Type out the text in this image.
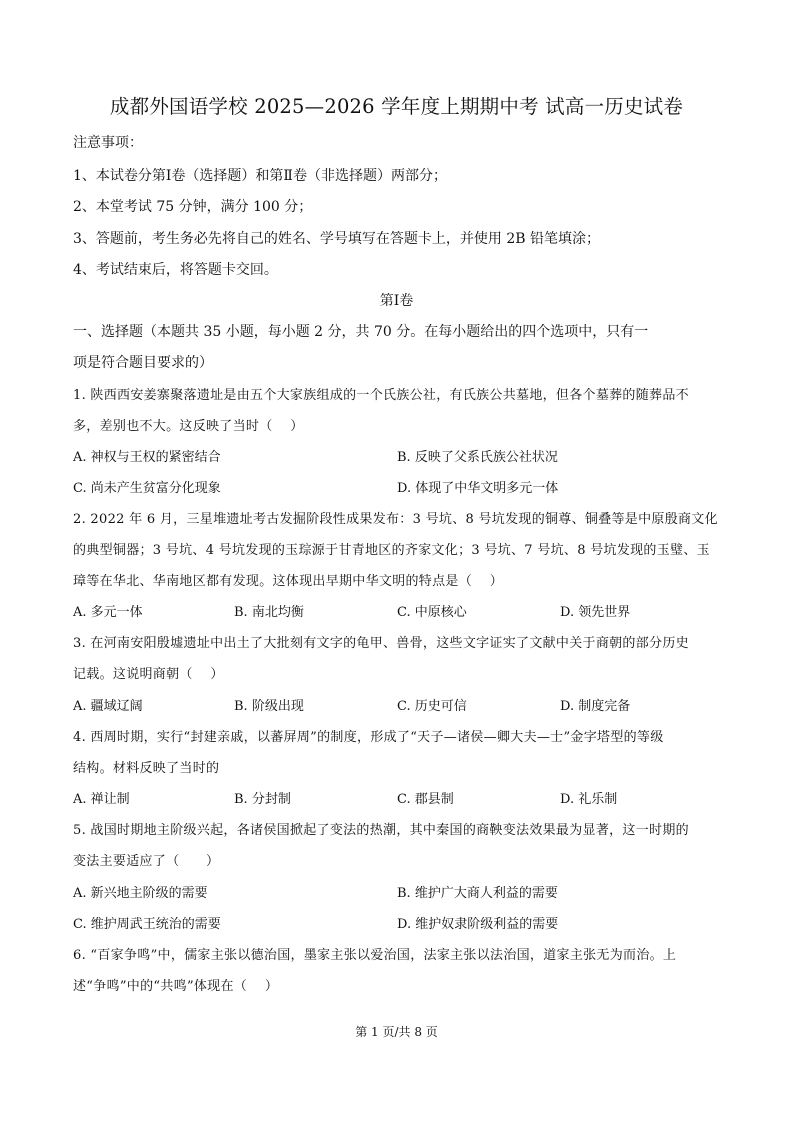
成都外国语学校 2025—2026 学年度上期期中考 试高一历史试卷
注意事项：
1、本试卷分第Ⅰ卷（选择题）和第Ⅱ卷（非选择题）两部分；
2、本堂考试 75 分钟，满分 100 分；
3、答题前，考生务必先将自己的姓名、学号填写在答题卡上，并使用 2B 铅笔填涂；
4、考试结束后，将答题卡交回。
第Ⅰ卷
一、选择题（本题共 35 小题，每小题 2 分，共 70 分。在每小题给出的四个选项中，只有一
项是符合题目要求的）
1. 陕西西安姜寨聚落遗址是由五个大家族组成的一个氏族公社，有氏族公共墓地，但各个墓葬的随葬品不
多，差别也不大。这反映了当时（　 ）
A. 神权与王权的紧密结合	B. 反映了父系氏族公社状况
C. 尚未产生贫富分化现象	D. 体现了中华文明多元一体
2. 2022 年 6 月，三星堆遗址考古发掘阶段性成果发布：3 号坑、8 号坑发现的铜尊、铜叠等是中原殷商文化
的典型铜器；3 号坑、4 号坑发现的玉琮源于甘青地区的齐家文化；3 号坑、7 号坑、8 号坑发现的玉璧、玉
璋等在华北、华南地区都有发现。这体现出早期中华文明的特点是（　 ）
A. 多元一体	B. 南北均衡	C. 中原核心	D. 领先世界
3. 在河南安阳殷墟遗址中出土了大批刻有文字的龟甲、兽骨，这些文字证实了文献中关于商朝的部分历史
记载。这说明商朝（　 ）
A. 疆域辽阔	B. 阶级出现	C. 历史可信	D. 制度完备
4. 西周时期，实行“封建亲戚，以蕃屏周”的制度，形成了“天子—诸侯—卿大夫—士”金字塔型的等级
结构。材料反映了当时的
A. 禅让制	B. 分封制	C. 郡县制	D. 礼乐制
5. 战国时期地主阶级兴起，各诸侯国掀起了变法的热潮，其中秦国的商鞅变法效果最为显著，这一时期的
变法主要适应了（　　）
A. 新兴地主阶级的需要	B. 维护广大商人利益的需要
C. 维护周武王统治的需要	D. 维护奴隶阶级利益的需要
6. “百家争鸣”中，儒家主张以德治国，墨家主张以爱治国，法家主张以法治国，道家主张无为而治。上
述“争鸣”中的“共鸣”体现在（　 ）
第 1 页/共 8 页
